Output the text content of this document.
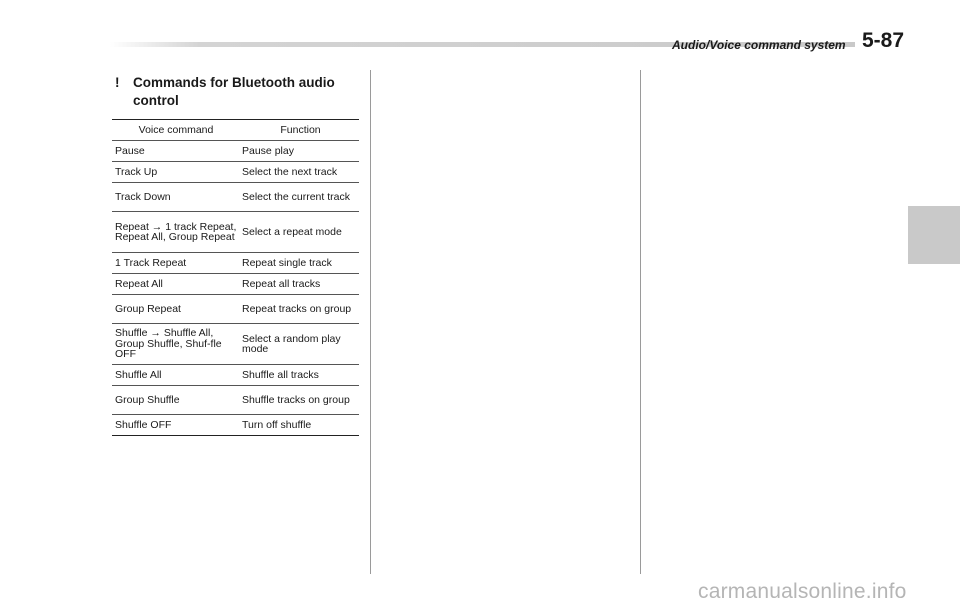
Audio/Voice command system 5-87
!	Commands for Bluetooth audio control
Voice command	Function
Pause	Pause play
Track Up	Select the next track
Track Down	Select the current track
Repeat → 1 track Repeat, Repeat All, Group Repeat	Select a repeat mode
1 Track Repeat	Repeat single track
Repeat All	Repeat all tracks
Group Repeat	Repeat tracks on group
Shuffle → Shuffle All, Group Shuffle, Shuf-fle OFF	Select a random play mode
Shuffle All	Shuffle all tracks
Group Shuffle	Shuffle tracks on group
Shuffle OFF	Turn off shuffle
carmanualsonline.info
